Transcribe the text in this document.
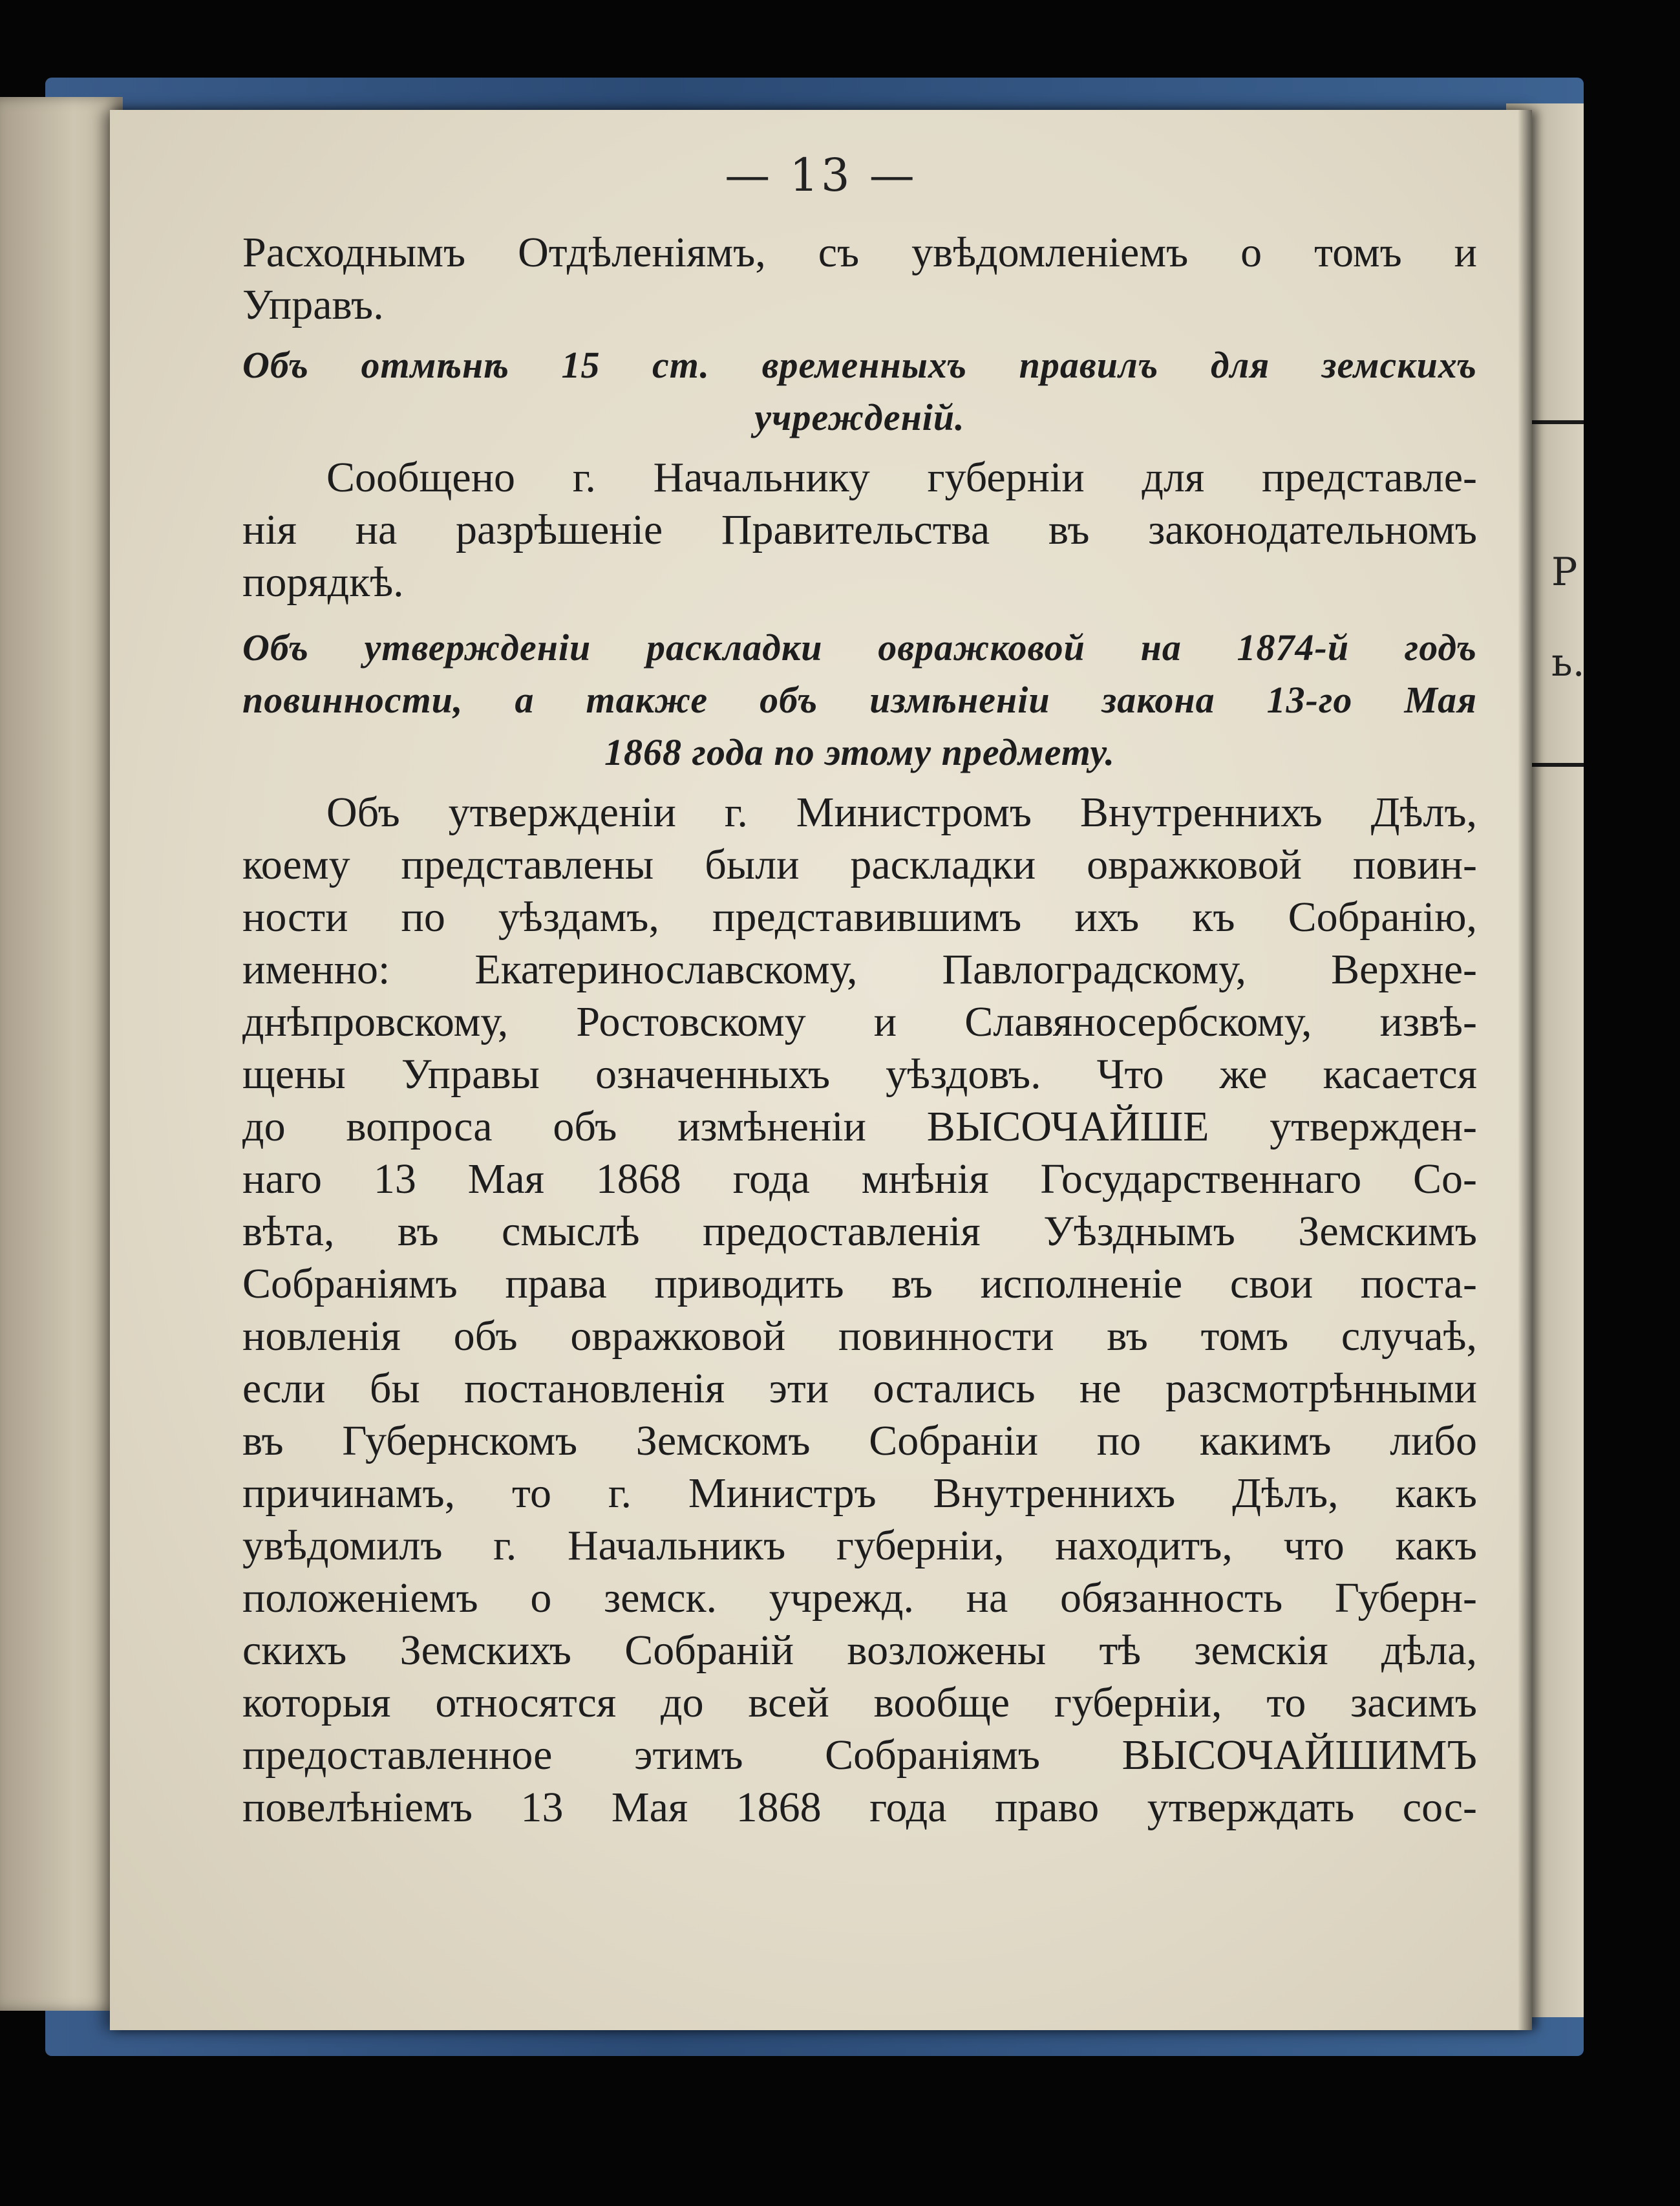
Р
ь.
— 13 —
Расходнымъ Отдѣленіямъ, съ увѣдомленіемъ о томъ и
Управъ.
Объ отмѣнѣ 15 ст. временныхъ правилъ для земскихъ
учрежденій.
Сообщено г. Начальнику губерніи для представле-
нія на разрѣшеніе Правительства въ законодательномъ
порядкѣ.
Объ утвержденіи раскладки овражковой на 1874-й годъ
повинности, а также объ измѣненіи закона 13-го Мая
1868 года по этому предмету.
Объ утвержденіи г. Министромъ Внутреннихъ Дѣлъ,
коему представлены были раскладки овражковой повин-
ности по уѣздамъ, представившимъ ихъ къ Собранію,
именно: Екатеринославскому, Павлоградскому, Верхне-
днѣпровскому, Ростовскому и Славяносербскому, извѣ-
щены Управы означенныхъ уѣздовъ. Что же касается
до вопроса объ измѣненіи ВЫСОЧАЙШЕ утвержден-
наго 13 Мая 1868 года мнѣнія Государственнаго Со-
вѣта, въ смыслѣ предоставленія Уѣзднымъ Земскимъ
Собраніямъ права приводить въ исполненіе свои поста-
новленія объ овражковой повинности въ томъ случаѣ,
если бы постановленія эти остались не разсмотрѣнными
въ Губернскомъ Земскомъ Собраніи по какимъ либо
причинамъ, то г. Министръ Внутреннихъ Дѣлъ, какъ
увѣдомилъ г. Начальникъ губерніи, находитъ, что какъ
положеніемъ о земск. учрежд. на обязанность Губерн-
скихъ Земскихъ Собраній возложены тѣ земскія дѣла,
которыя относятся до всей вообще губерніи, то засимъ
предоставленное этимъ Собраніямъ ВЫСОЧАЙШИМЪ
повелѣніемъ 13 Мая 1868 года право утверждать сос-
